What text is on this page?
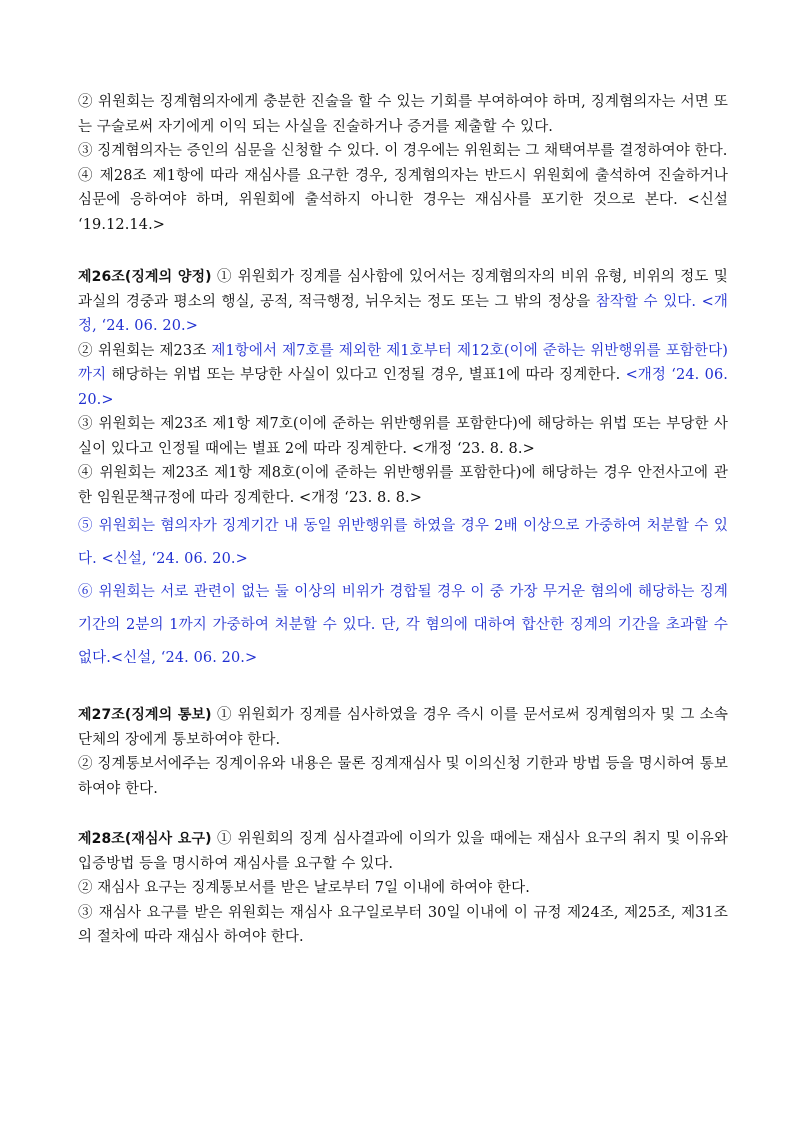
② 위원회는 징계혐의자에게 충분한 진술을 할 수 있는 기회를 부여하여야 하며, 징계혐의자는 서면 또는 구술로써 자기에게 이익 되는 사실을 진술하거나 증거를 제출할 수 있다.

③ 징계혐의자는 증인의 심문을 신청할 수 있다. 이 경우에는 위원회는 그 채택여부를 결정하여야 한다.

④ 제28조 제1항에 따라 재심사를 요구한 경우, 징계혐의자는 반드시 위원회에 출석하여 진술하거나 심문에 응하여야 하며, 위원회에 출석하지 아니한 경우는 재심사를 포기한 것으로 본다. <신설 ‘19.12.14.>

제26조(징계의 양정) ① 위원회가 징계를 심사함에 있어서는 징계혐의자의 비위 유형, 비위의 정도 및 과실의 경중과 평소의 행실, 공적, 적극행정, 뉘우치는 정도 또는 그 밖의 정상을 참작할 수 있다. <개정, ‘24. 06. 20.>

② 위원회는 제23조 제1항에서 제7호를 제외한 제1호부터 제12호(이에 준하는 위반행위를 포함한다)까지 해당하는 위법 또는 부당한 사실이 있다고 인정될 경우, 별표1에 따라 징계한다. <개정 ‘24. 06. 20.>

③ 위원회는 제23조 제1항 제7호(이에 준하는 위반행위를 포함한다)에 해당하는 위법 또는 부당한 사실이 있다고 인정될 때에는 별표 2에 따라 징계한다. <개정 ‘23. 8. 8.>

④ 위원회는 제23조 제1항 제8호(이에 준하는 위반행위를 포함한다)에 해당하는 경우 안전사고에 관한 임원문책규정에 따라 징계한다. <개정 ‘23. 8. 8.>

⑤ 위원회는 혐의자가 징계기간 내 동일 위반행위를 하였을 경우 2배 이상으로 가중하여 처분할 수 있다. <신설, ‘24. 06. 20.>

⑥ 위원회는 서로 관련이 없는 둘 이상의 비위가 경합될 경우 이 중 가장 무거운 혐의에 해당하는 징계 기간의 2분의 1까지 가중하여 처분할 수 있다. 단, 각 혐의에 대하여 합산한 징계의 기간을 초과할 수 없다.<신설, ‘24. 06. 20.>

제27조(징계의 통보) ① 위원회가 징계를 심사하였을 경우 즉시 이를 문서로써 징계혐의자 및 그 소속단체의 장에게 통보하여야 한다.

② 징계통보서에주는 징계이유와 내용은 물론 징계재심사 및 이의신청 기한과 방법 등을 명시하여 통보하여야 한다.

제28조(재심사 요구) ① 위원회의 징계 심사결과에 이의가 있을 때에는 재심사 요구의 취지 및 이유와 입증방법 등을 명시하여 재심사를 요구할 수 있다.

② 재심사 요구는 징계통보서를 받은 날로부터 7일 이내에 하여야 한다.

③ 재심사 요구를 받은 위원회는 재심사 요구일로부터 30일 이내에 이 규정 제24조, 제25조, 제31조의 절차에 따라 재심사 하여야 한다.
